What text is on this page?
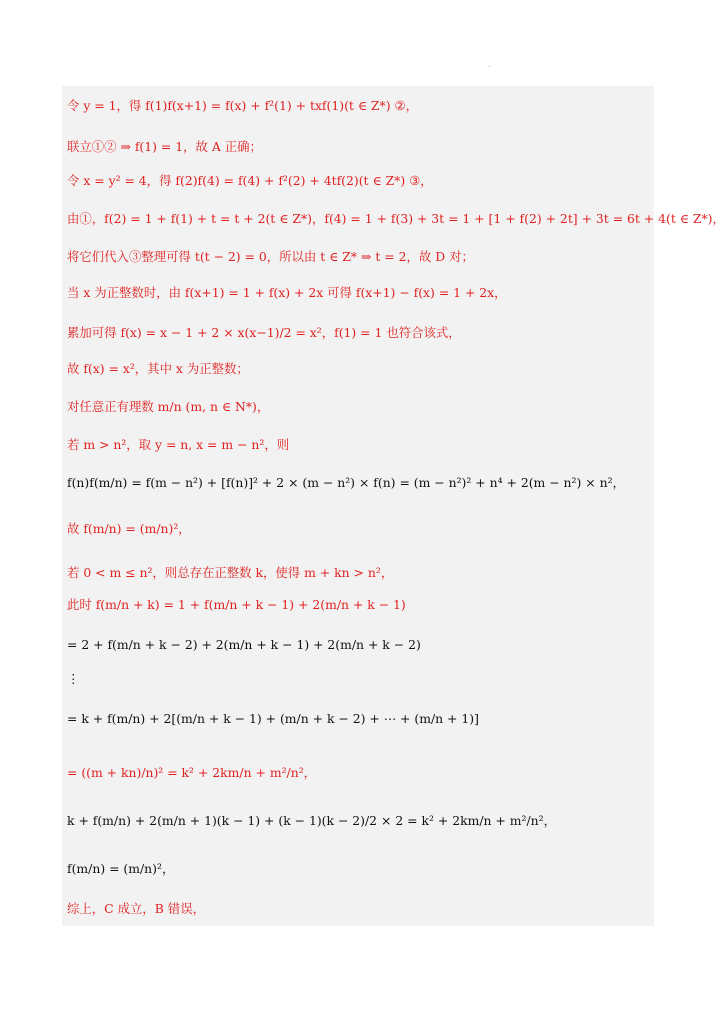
.
令 y = 1，得 f(1)f(x+1) = f(x) + f²(1) + txf(1)(t ∈ Z*) ②，
联立①② ⇒ f(1) = 1，故 A 正确；
令 x = y² = 4，得 f(2)f(4) = f(4) + f²(2) + 4tf(2)(t ∈ Z*) ③，
由①，f(2) = 1 + f(1) + t = t + 2(t ∈ Z*)，f(4) = 1 + f(3) + 3t = 1 + [1 + f(2) + 2t] + 3t = 6t + 4(t ∈ Z*)，
将它们代入③整理可得 t(t − 2) = 0，所以由 t ∈ Z* ⇒ t = 2，故 D 对；
当 x 为正整数时，由 f(x+1) = 1 + f(x) + 2x 可得 f(x+1) − f(x) = 1 + 2x，
累加可得 f(x) = x − 1 + 2 × x(x−1)/2 = x²，f(1) = 1 也符合该式，
故 f(x) = x²，其中 x 为正整数；
对任意正有理数 m/n (m, n ∈ N*)，
若 m > n²，取 y = n, x = m − n²，则
f(n)f(m/n) = f(m − n²) + [f(n)]² + 2 × (m − n²) × f(n) = (m − n²)² + n⁴ + 2(m − n²) × n²，
故 f(m/n) = (m/n)²，
若 0 < m ≤ n²，则总存在正整数 k，使得 m + kn > n²，
此时 f(m/n + k) = 1 + f(m/n + k − 1) + 2(m/n + k − 1)
= 2 + f(m/n + k − 2) + 2(m/n + k − 1) + 2(m/n + k − 2)
⋮
= k + f(m/n) + 2[(m/n + k − 1) + (m/n + k − 2) + ⋯ + (m/n + 1)]
= ((m + kn)/n)² = k² + 2km/n + m²/n²，
k + f(m/n) + 2(m/n + 1)(k − 1) + (k − 1)(k − 2)/2 × 2 = k² + 2km/n + m²/n²，
f(m/n) = (m/n)²，
综上，C 成立，B 错误，
